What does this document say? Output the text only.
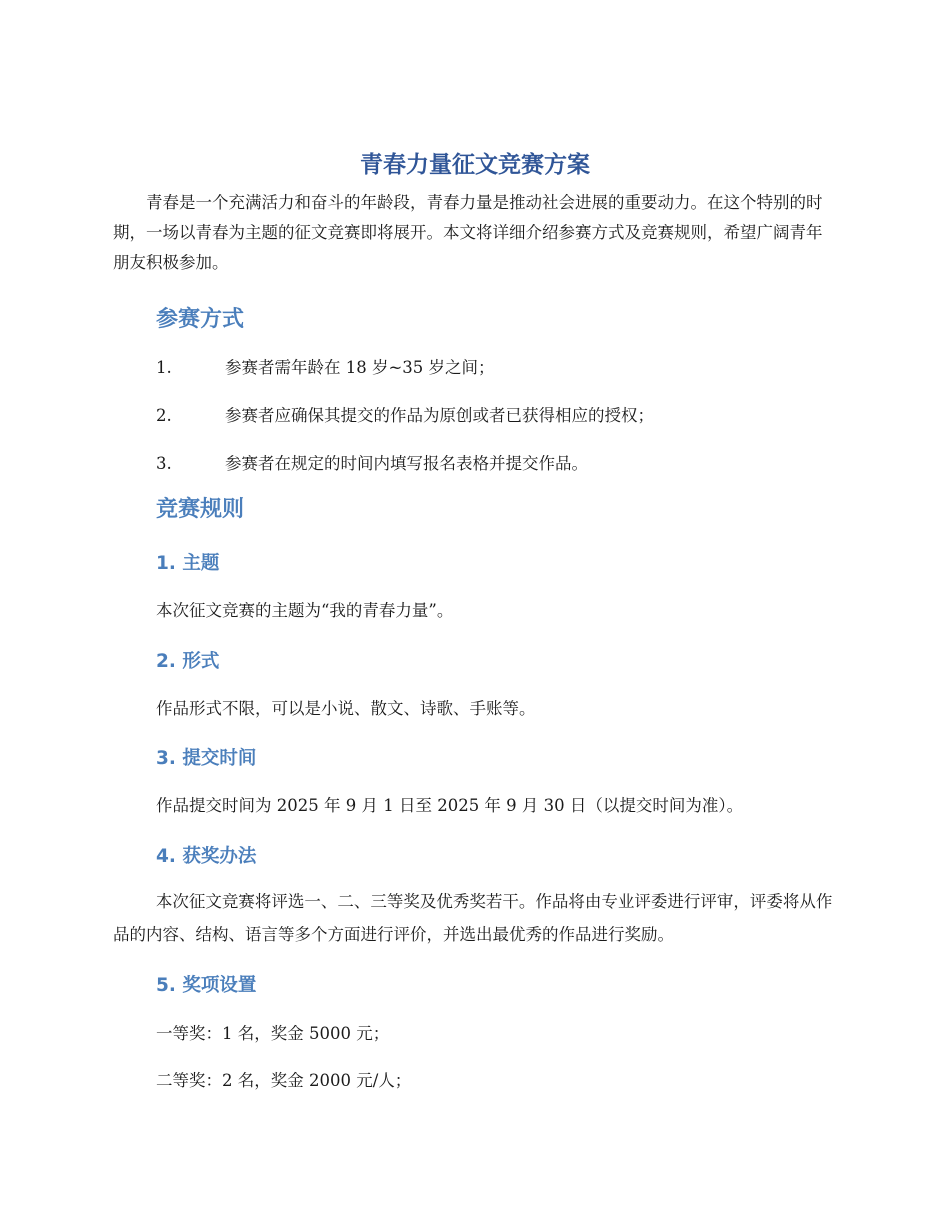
青春力量征文竞赛方案

青春是一个充满活力和奋斗的年龄段，青春力量是推动社会进展的重要动力。在这个特别的时期，一场以青春为主题的征文竞赛即将展开。本文将详细介绍参赛方式及竞赛规则，希望广阔青年朋友积极参加。

参赛方式
1.	参赛者需年龄在 18 岁~35 岁之间；
2.	参赛者应确保其提交的作品为原创或者已获得相应的授权；
3.	参赛者在规定的时间内填写报名表格并提交作品。
竞赛规则
1. 主题

本次征文竞赛的主题为“我的青春力量”。

2. 形式

作品形式不限，可以是小说、散文、诗歌、手账等。

3. 提交时间

作品提交时间为 2025 年 9 月 1 日至 2025 年 9 月 30 日（以提交时间为准）。

4. 获奖办法

本次征文竞赛将评选一、二、三等奖及优秀奖若干。作品将由专业评委进行评审，评委将从作品的内容、结构、语言等多个方面进行评价，并选出最优秀的作品进行奖励。

5. 奖项设置

一等奖：1 名，奖金 5000 元；

二等奖：2 名，奖金 2000 元/人；
